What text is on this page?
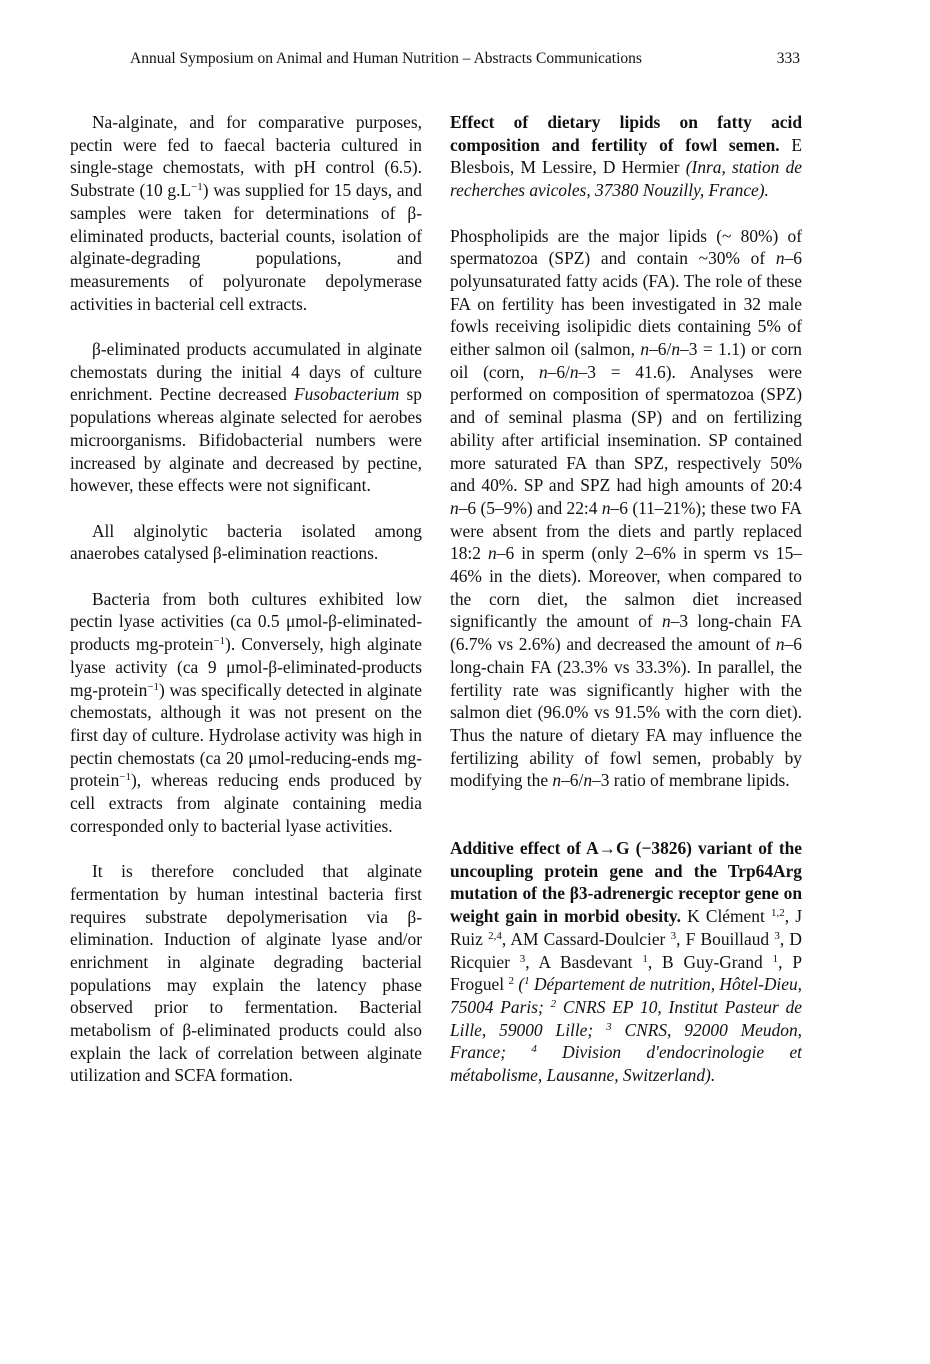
Annual Symposium on Animal and Human Nutrition – Abstracts Communications	333

Na-alginate, and for comparative purposes, pectin were fed to faecal bacteria cultured in single-stage chemostats, with pH control (6.5). Substrate (10 $g.L^{-1}$) was supplied for 15 days, and samples were taken for determinations of β-eliminated products, bacterial counts, isolation of alginate-degrading populations, and measurements of polyuronate depolymerase activities in bacterial cell extracts.

β-eliminated products accumulated in alginate chemostats during the initial 4 days of culture enrichment. Pectine decreased Fusobacterium sp populations whereas alginate selected for aerobes microorganisms. Bifidobacterial numbers were increased by alginate and decreased by pectine, however, these effects were not significant.

All alginolytic bacteria isolated among anaerobes catalysed β-elimination reactions.

Bacteria from both cultures exhibited low pectin lyase activities (ca 0.5 μmol-β-eliminated-products mg-protein$^{-1}$). Conversely, high alginate lyase activity (ca 9 μmol-β-eliminated-products mg-protein$^{-1}$) was specifically detected in alginate chemostats, although it was not present on the first day of culture. Hydrolase activity was high in pectin chemostats (ca 20 μmol-reducing-ends mg-protein$^{-1}$), whereas reducing ends produced by cell extracts from alginate containing media corresponded only to bacterial lyase activities.

It is therefore concluded that alginate fermentation by human intestinal bacteria first requires substrate depolymerisation via β-elimination. Induction of alginate lyase and/or enrichment in alginate degrading bacterial populations may explain the latency phase observed prior to fermentation. Bacterial metabolism of β-eliminated products could also explain the lack of correlation between alginate utilization and SCFA formation.

Effect of dietary lipids on fatty acid composition and fertility of fowl semen. E Blesbois, M Lessire, D Hermier (Inra, station de recherches avicoles, 37380 Nouzilly, France).

Phospholipids are the major lipids (~ 80%) of spermatozoa (SPZ) and contain ~30% of n–6 polyunsaturated fatty acids (FA). The role of these FA on fertility has been investigated in 32 male fowls receiving isolipidic diets containing 5% of either salmon oil (salmon, n–6/n–3 = 1.1) or corn oil (corn, n–6/n–3 = 41.6). Analyses were performed on composition of spermatozoa (SPZ) and of seminal plasma (SP) and on fertilizing ability after artificial insemination. SP contained more saturated FA than SPZ, respectively 50% and 40%. SP and SPZ had high amounts of 20:4 n–6 (5–9%) and 22:4 n–6 (11–21%); these two FA were absent from the diets and partly replaced 18:2 n–6 in sperm (only 2–6% in sperm vs 15–46% in the diets). Moreover, when compared to the corn diet, the salmon diet increased significantly the amount of n–3 long-chain FA (6.7% vs 2.6%) and decreased the amount of n–6 long-chain FA (23.3% vs 33.3%). In parallel, the fertility rate was significantly higher with the salmon diet (96.0% vs 91.5% with the corn diet). Thus the nature of dietary FA may influence the fertilizing ability of fowl semen, probably by modifying the n–6/n–3 ratio of membrane lipids.

Additive effect of A→G (−3826) variant of the uncoupling protein gene and the Trp64Arg mutation of the β3-adrenergic receptor gene on weight gain in morbid obesity. K Clément $^{1,2}$, J Ruiz $^{2,4}$, AM Cassard-Doulcier $^3$, F Bouillaud $^3$, D Ricquier $^3$, A Basdevant $^1$, B Guy-Grand $^1$, P Froguel $^2$ ($^1$ Département de nutrition, Hôtel-Dieu, 75004 Paris; $^2$ CNRS EP 10, Institut Pasteur de Lille, 59000 Lille; $^3$ CNRS, 92000 Meudon, France; $^4$ Division d'endocrinologie et métabolisme, Lausanne, Switzerland).
